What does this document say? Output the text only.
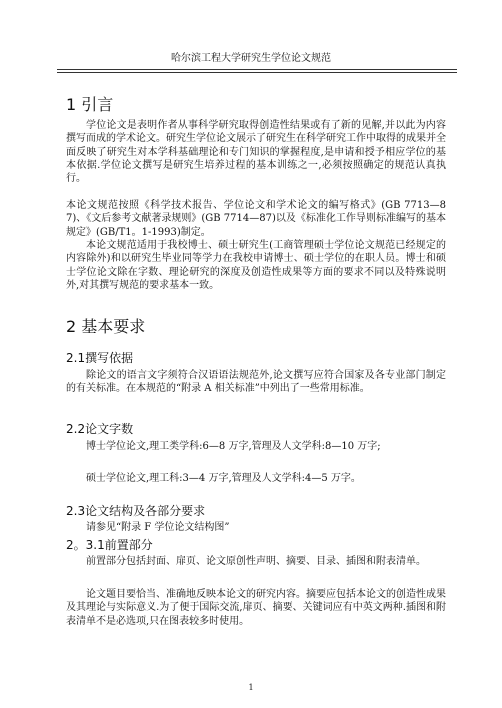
哈尔滨工程大学研究生学位论文规范
1 引言
学位论文是表明作者从事科学研究取得创造性结果或有了新的见解,并以此为内容撰写而成的学术论文。研究生学位论文展示了研究生在科学研究工作中取得的成果并全面反映了研究生对本学科基础理论和专门知识的掌握程度,是申请和授予相应学位的基本依据.学位论文撰写是研究生培养过程的基本训练之一,必须按照确定的规范认真执行。
本论文规范按照《科学技术报告、学位论文和学术论文的编写格式》(GB 7713—87)、《文后参考文献著录规则》(GB 7714—87)以及《标准化工作导则标准编写的基本规定》(GB/T1。1-1993)制定。
本论文规范适用于我校博士、硕士研究生(工商管理硕士学位论文规范已经规定的内容除外)和以研究生毕业同等学力在我校申请博士、硕士学位的在职人员。博士和硕士学位论文除在字数、理论研究的深度及创造性成果等方面的要求不同以及特殊说明外,对其撰写规范的要求基本一致。
2 基本要求
2.1撰写依据
除论文的语言文字须符合汉语语法规范外,论文撰写应符合国家及各专业部门制定的有关标准。在本规范的“附录 A 相关标准”中列出了一些常用标准。
2.2论文字数
博士学位论文,理工类学科:6—8 万字,管理及人文学科:8—10 万字;
硕士学位论文,理工科:3—4 万字,管理及人文学科:4—5 万字。
2.3论文结构及各部分要求
请参见“附录 F 学位论文结构图”
2。3.1前置部分
前置部分包括封面、扉页、论文原创性声明、摘要、目录、插图和附表清单。
论文题目要恰当、准确地反映本论文的研究内容。摘要应包括本论文的创造性成果及其理论与实际意义.为了便于国际交流,扉页、摘要、关键词应有中英文两种.插图和附表清单不是必选项,只在图表较多时使用。
1
